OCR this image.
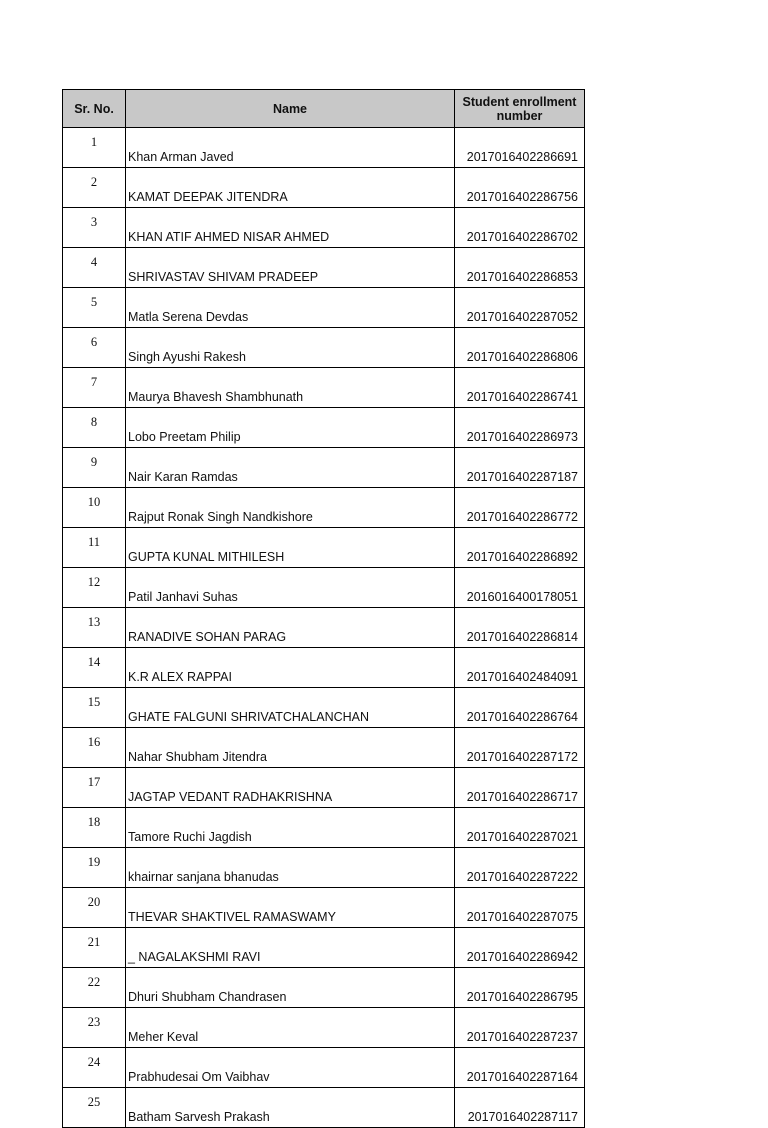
Sr. No.	Name	Student enrollment
number
1	Khan Arman Javed	2017016402286691
2	KAMAT DEEPAK JITENDRA	2017016402286756
3	KHAN ATIF AHMED NISAR AHMED	2017016402286702
4	SHRIVASTAV SHIVAM PRADEEP	2017016402286853
5	Matla Serena Devdas	2017016402287052
6	Singh Ayushi Rakesh	2017016402286806
7	Maurya Bhavesh Shambhunath	2017016402286741
8	Lobo Preetam Philip	2017016402286973
9	Nair Karan Ramdas	2017016402287187
10	Rajput Ronak Singh Nandkishore	2017016402286772
11	GUPTA KUNAL MITHILESH	2017016402286892
12	Patil Janhavi Suhas	2016016400178051
13	RANADIVE SOHAN PARAG	2017016402286814
14	K.R ALEX RAPPAI	2017016402484091
15	GHATE FALGUNI SHRIVATCHALANCHAN	2017016402286764
16	Nahar Shubham Jitendra	2017016402287172
17	JAGTAP VEDANT RADHAKRISHNA	2017016402286717
18	Tamore Ruchi Jagdish	2017016402287021
19	khairnar sanjana bhanudas	2017016402287222
20	THEVAR SHAKTIVEL RAMASWAMY	2017016402287075
21	_ NAGALAKSHMI RAVI	2017016402286942
22	Dhuri Shubham Chandrasen	2017016402286795
23	Meher Keval	2017016402287237
24	Prabhudesai Om Vaibhav	2017016402287164
25	Batham Sarvesh Prakash	2017016402287117
